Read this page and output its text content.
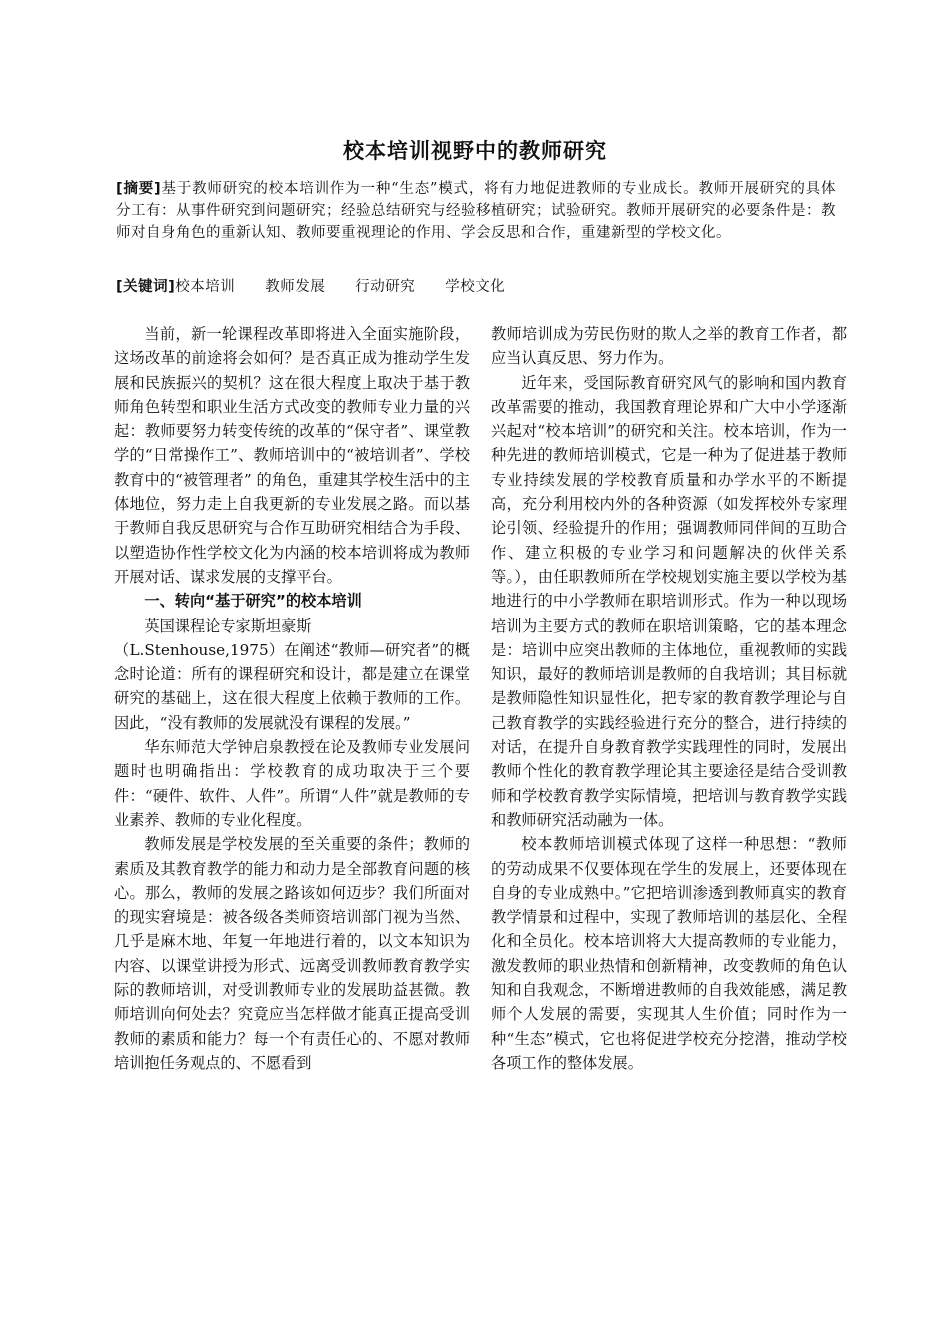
校本培训视野中的教师研究
[摘要]基于教师研究的校本培训作为一种“生态”模式，将有力地促进教师的专业成长。教师开展研究的具体分工有：从事件研究到问题研究；经验总结研究与经验移植研究；试验研究。教师开展研究的必要条件是：教师对自身角色的重新认知、教师要重视理论的作用、学会反思和合作，重建新型的学校文化。
[关键词]校本培训 教师发展 行动研究 学校文化

当前，新一轮课程改革即将进入全面实施阶段，这场改革的前途将会如何？是否真正成为推动学生发展和民族振兴的契机？这在很大程度上取决于基于教师角色转型和职业生活方式改变的教师专业力量的兴起：教师要努力转变传统的改革的“保守者”、课堂教学的“日常操作工”、教师培训中的“被培训者”、学校教育中的“被管理者” 的角色，重建其学校生活中的主体地位，努力走上自我更新的专业发展之路。而以基于教师自我反思研究与合作互助研究相结合为手段、以塑造协作性学校文化为内涵的校本培训将成为教师开展对话、谋求发展的支撑平台。

一、转向“基于研究”的校本培训

英国课程论专家斯坦豪斯

（L.Stenhouse,1975）在阐述“教师—研究者”的概念时论道：所有的课程研究和设计，都是建立在课堂研究的基础上，这在很大程度上依赖于教师的工作。因此，“没有教师的发展就没有课程的发展。”

华东师范大学钟启泉教授在论及教师专业发展问题时也明确指出：学校教育的成功取决于三个要件：“硬件、软件、人件”。所谓“人件”就是教师的专业素养、教师的专业化程度。

教师发展是学校发展的至关重要的条件；教师的素质及其教育教学的能力和动力是全部教育问题的核心。那么，教师的发展之路该如何迈步？我们所面对的现实窘境是：被各级各类师资培训部门视为当然、几乎是麻木地、年复一年地进行着的，以文本知识为内容、以课堂讲授为形式、远离受训教师教育教学实际的教师培训，对受训教师专业的发展助益甚微。教师培训向何处去？究竟应当怎样做才能真正提高受训教师的素质和能力？每一个有责任心的、不愿对教师培训抱任务观点的、不愿看到

教师培训成为劳民伤财的欺人之举的教育工作者，都应当认真反思、努力作为。

近年来，受国际教育研究风气的影响和国内教育改革需要的推动，我国教育理论界和广大中小学逐渐兴起对“校本培训”的研究和关注。校本培训，作为一种先进的教师培训模式，它是一种为了促进基于教师专业持续发展的学校教育质量和办学水平的不断提高，充分利用校内外的各种资源（如发挥校外专家理论引领、经验提升的作用；强调教师同伴间的互助合作、建立积极的专业学习和问题解决的伙伴关系等。），由任职教师所在学校规划实施主要以学校为基地进行的中小学教师在职培训形式。作为一种以现场培训为主要方式的教师在职培训策略，它的基本理念是：培训中应突出教师的主体地位，重视教师的实践知识，最好的教师培训是教师的自我培训；其目标就是教师隐性知识显性化，把专家的教育教学理论与自己教育教学的实践经验进行充分的整合，进行持续的对话，在提升自身教育教学实践理性的同时，发展出教师个性化的教育教学理论其主要途径是结合受训教师和学校教育教学实际情境，把培训与教育教学实践和教师研究活动融为一体。

校本教师培训模式体现了这样一种思想：“教师的劳动成果不仅要体现在学生的发展上，还要体现在自身的专业成熟中。”它把培训渗透到教师真实的教育教学情景和过程中，实现了教师培训的基层化、全程化和全员化。校本培训将大大提高教师的专业能力，激发教师的职业热情和创新精神，改变教师的角色认知和自我观念，不断增进教师的自我效能感，满足教师个人发展的需要，实现其人生价值；同时作为一种“生态”模式，它也将促进学校充分挖潜，推动学校各项工作的整体发展。
